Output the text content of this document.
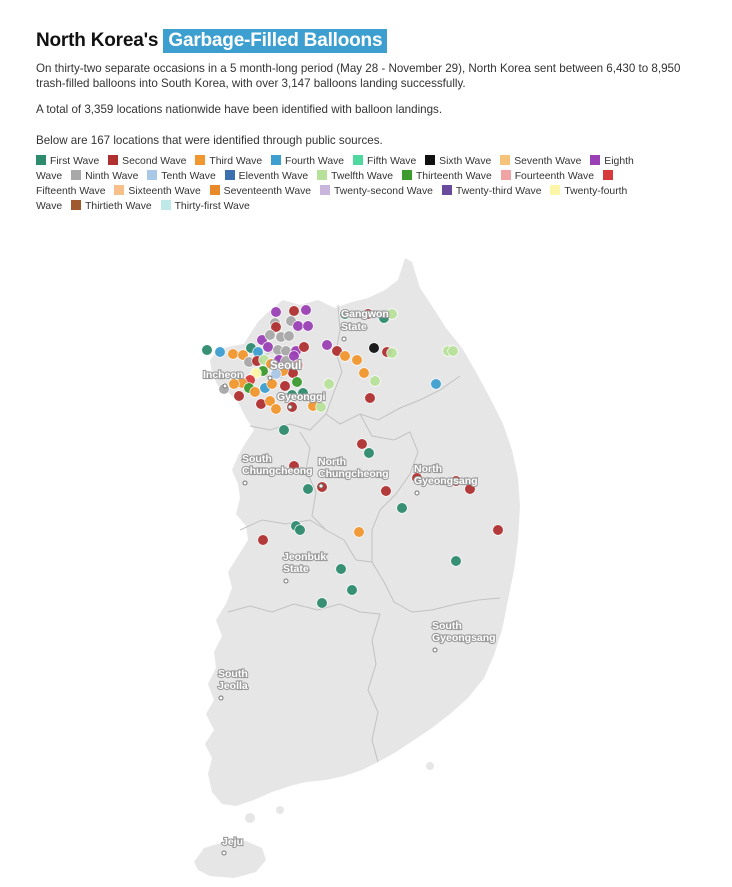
North Korea's Garbage-Filled Balloons

On thirty-two separate occasions in a 5 month-long period (May 28 - November 29), North Korea sent between 6,430 to 8,950 trash-filled balloons into South Korea, with over 3,147 balloons landing successfully.

A total of 3,359 locations nationwide have been identified with balloon landings.

Below are 167 locations that were identified through public sources.

First Wave Second Wave Third Wave Fourth Wave Fifth Wave Sixth Wave Seventh Wave Eighth Wave Ninth Wave Tenth Wave Eleventh Wave Twelfth Wave Thirteenth Wave Fourteenth Wave Fifteenth Wave Sixteenth Wave Seventeenth Wave Twenty-second Wave Twenty-third Wave Twenty-fourth Wave Thirtieth Wave Thirty-first Wave
Gangwon
State
Seoul
Incheon
Gyeonggi
South
Chungcheong
North
Chungcheong North
Gyeongsang
Jeonbuk
State
South
Gyeongsang
South
Jeolla
Jeju
